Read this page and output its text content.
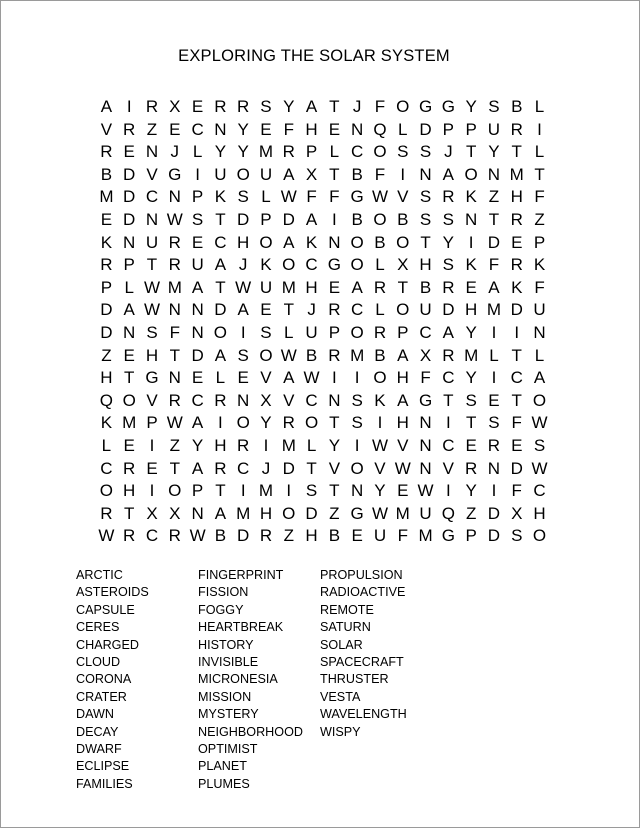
EXPLORING THE SOLAR SYSTEM
A I R X E R R S Y A T J F O G G Y S B L
V R Z E C N Y E F H E N Q L D P P U R I
R E N J L Y Y M R P L C O S S J T Y T L
B D V G I U O U A X T B F I N A O N M T
M D C N P K S L W F F G W V S R K Z H F
E D N W S T D P D A I B O B S S N T R Z
K N U R E C H O A K N O B O T Y I D E P
R P T R U A J K O C G O L X H S K F R K
P L W M A T W U M H E A R T B R E A K F
D A W N N D A E T J R C L O U D H M D U
D N S F N O I S L U P O R P C A Y I	I N
Z E H T D A S O W B R M B A X R M L T L
H T G N E L E V A W I	I O H F C Y I C A
Q O V R C R N X V C N S K A G T S E T O
K M P W A I O Y R O T S I H N I T S F W
L E I Z Y H R I M L Y I W V N C E R E S
C R E T A R C J D T V O V W N V R N D W
O H I O P T I M I S T N Y E W I Y I F C
R T X X N A M H O D Z G W M U Q Z D X H
W R C R W B D R Z H B E U F M G P D S O
ARCTIC
ASTEROIDS
CAPSULE
CERES
CHARGED
CLOUD
CORONA
CRATER
DAWN
DECAY
DWARF
ECLIPSE
FAMILIES
FINGERPRINT
FISSION
FOGGY
HEARTBREAK
HISTORY
INVISIBLE
MICRONESIA
MISSION
MYSTERY
NEIGHBORHOOD
OPTIMIST
PLANET
PLUMES
PROPULSION
RADIOACTIVE
REMOTE
SATURN
SOLAR
SPACECRAFT
THRUSTER
VESTA
WAVELENGTH
WISPY
